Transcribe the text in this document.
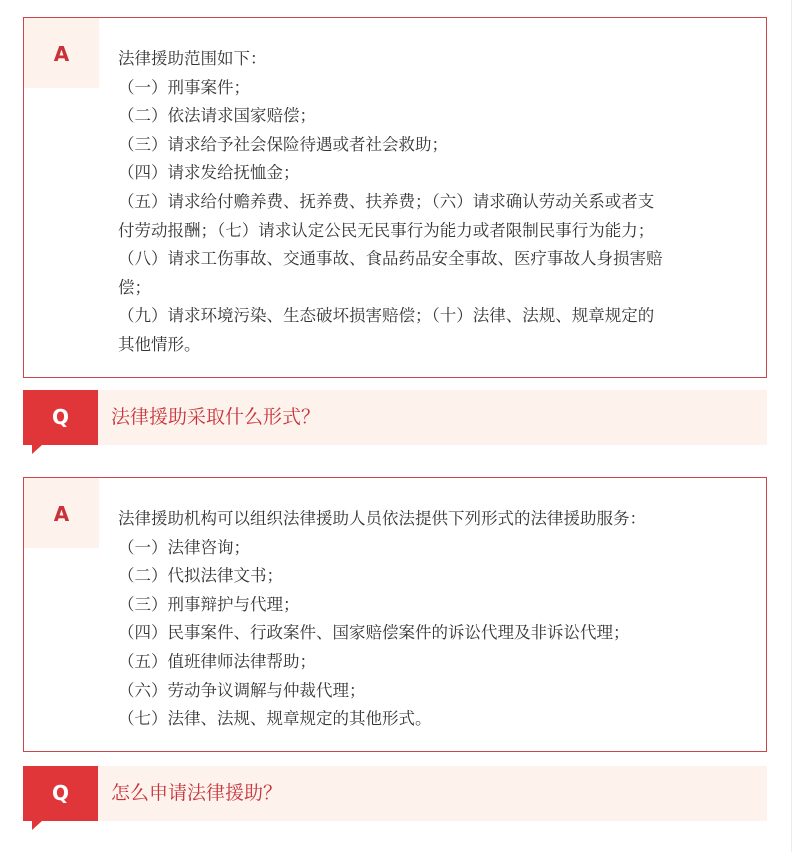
A	法律援助范围如下：
（一）刑事案件；
（二）依法请求国家赔偿；
（三）请求给予社会保险待遇或者社会救助；
（四）请求发给抚恤金；
（五）请求给付赡养费、抚养费、扶养费；（六）请求确认劳动关系或者支
付劳动报酬；（七）请求认定公民无民事行为能力或者限制民事行为能力；
（八）请求工伤事故、交通事故、食品药品安全事故、医疗事故人身损害赔
偿；
（九）请求环境污染、生态破坏损害赔偿；（十）法律、法规、规章规定的
其他情形。
Q	法律援助采取什么形式？
A	法律援助机构可以组织法律援助人员依法提供下列形式的法律援助服务：
（一）法律咨询；
（二）代拟法律文书；
（三）刑事辩护与代理；
（四）民事案件、行政案件、国家赔偿案件的诉讼代理及非诉讼代理；
（五）值班律师法律帮助；
（六）劳动争议调解与仲裁代理；
（七）法律、法规、规章规定的其他形式。
Q	怎么申请法律援助？
